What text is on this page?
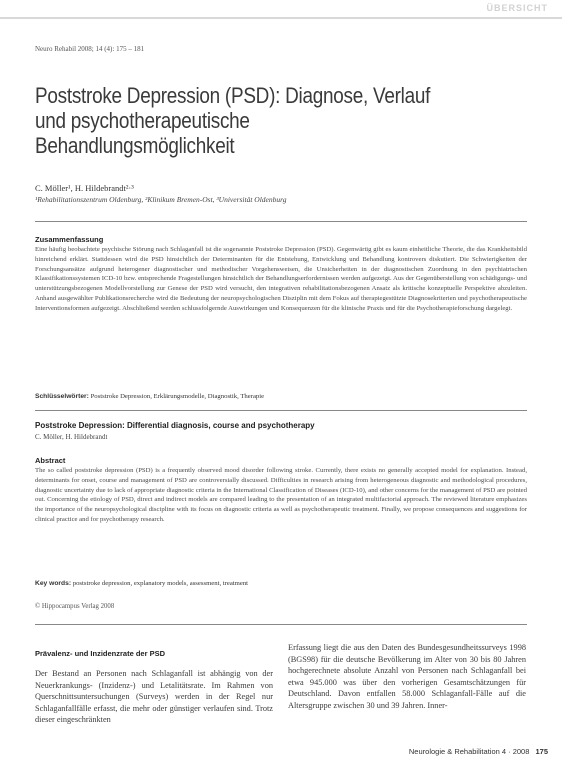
ÜBERSICHT
Neuro Rehabil 2008; 14 (4): 175 – 181
Poststroke Depression (PSD): Diagnose, Verlauf und psychotherapeutische Behandlungsmöglichkeit
C. Möller¹, H. Hildebrandt²·³
¹Rehabilitationszentrum Oldenburg, ²Klinikum Bremen-Ost, ³Universität Oldenburg
Zusammenfassung

Eine häufig beobachtete psychische Störung nach Schlaganfall ist die sogenannte Poststroke Depression (PSD). Gegenwärtig gibt es kaum einheitliche Theorie, die das Krankheitsbild hinreichend erklärt. Stattdessen wird die PSD hinsichtlich der Determinanten für die Entstehung, Entwicklung und Behandlung kontrovers diskutiert. Die Schwierigkeiten der Forschungsansätze aufgrund heterogener diagnostischer und methodischer Vorgehensweisen, die Unsicherheiten in der diagnostischen Zuordnung in den psychiatrischen Klassifikationssystemen ICD-10 bzw. entsprechende Fragestellungen hinsichtlich der Behandlungserfordernissen werden aufgezeigt. Aus der Gegenüberstellung von schädigungs- und unterstützungsbezogenen Modellvorstellung zur Genese der PSD wird versucht, den integrativen rehabilitationsbezogenen Ansatz als kritische konzeptuelle Perspektive abzuleiten. Anhand ausgewählter Publikationsrecherche wird die Bedeutung der neuropsychologischen Disziplin mit dem Fokus auf therapiegestützte Diagnosekriterien und psychotherapeutische Interventionsformen aufgezeigt. Abschließend werden schlussfolgernde Auswirkungen und Konsequenzen für die klinische Praxis und für die Psychotherapieforschung dargelegt.

Schlüsselwörter: Poststroke Depression, Erklärungsmodelle, Diagnostik, Therapie
Poststroke Depression: Differential diagnosis, course and psychotherapy
C. Möller, H. Hildebrandt
Abstract

The so called poststroke depression (PSD) is a frequently observed mood disorder following stroke. Currently, there exists no generally accepted model for explanation. Instead, determinants for onset, course and management of PSD are controversially discussed. Difficulties in research arising from heterogeneous diagnostic and methodological procedures, diagnostic uncertainty due to lack of appropriate diagnostic criteria in the International Classification of Diseases (ICD-10), and other concerns for the management of PSD are pointed out. Concerning the etiology of PSD, direct and indirect models are compared leading to the presentation of an integrated multifactorial approach. The reviewed literature emphasizes the importance of the neuropsychological discipline with its focus on diagnostic criteria as well as psychotherapeutic treatment. Finally, we propose consequences and suggestions for clinical practice and for psychotherapy research.

Key words: poststroke depression, explanatory models, assessment, treatment
© Hippocampus Verlag 2008
Prävalenz- und Inzidenzrate der PSD

Der Bestand an Personen nach Schlaganfall ist abhängig von der Neuerkrankungs- (Inzidenz-) und Letalitätsrate. Im Rahmen von Querschnittsuntersuchungen (Surveys) werden in der Regel nur Schlaganfallfälle erfasst, die mehr oder günstiger verlaufen sind. Trotz dieser eingeschränkten

Erfassung liegt die aus den Daten des Bundesgesundheitssurveys 1998 (BGS98) für die deutsche Bevölkerung im Alter von 30 bis 80 Jahren hochgerechnete absolute Anzahl von Personen nach Schlaganfall bei etwa 945.000 was über den vorherigen Gesamtschätzungen für Deutschland. Davon entfallen 58.000 Schlaganfall-Fälle auf die Altersgruppe zwischen 30 und 39 Jahren. Inner-

Neurologie & Rehabilitation 4 · 2008 175
